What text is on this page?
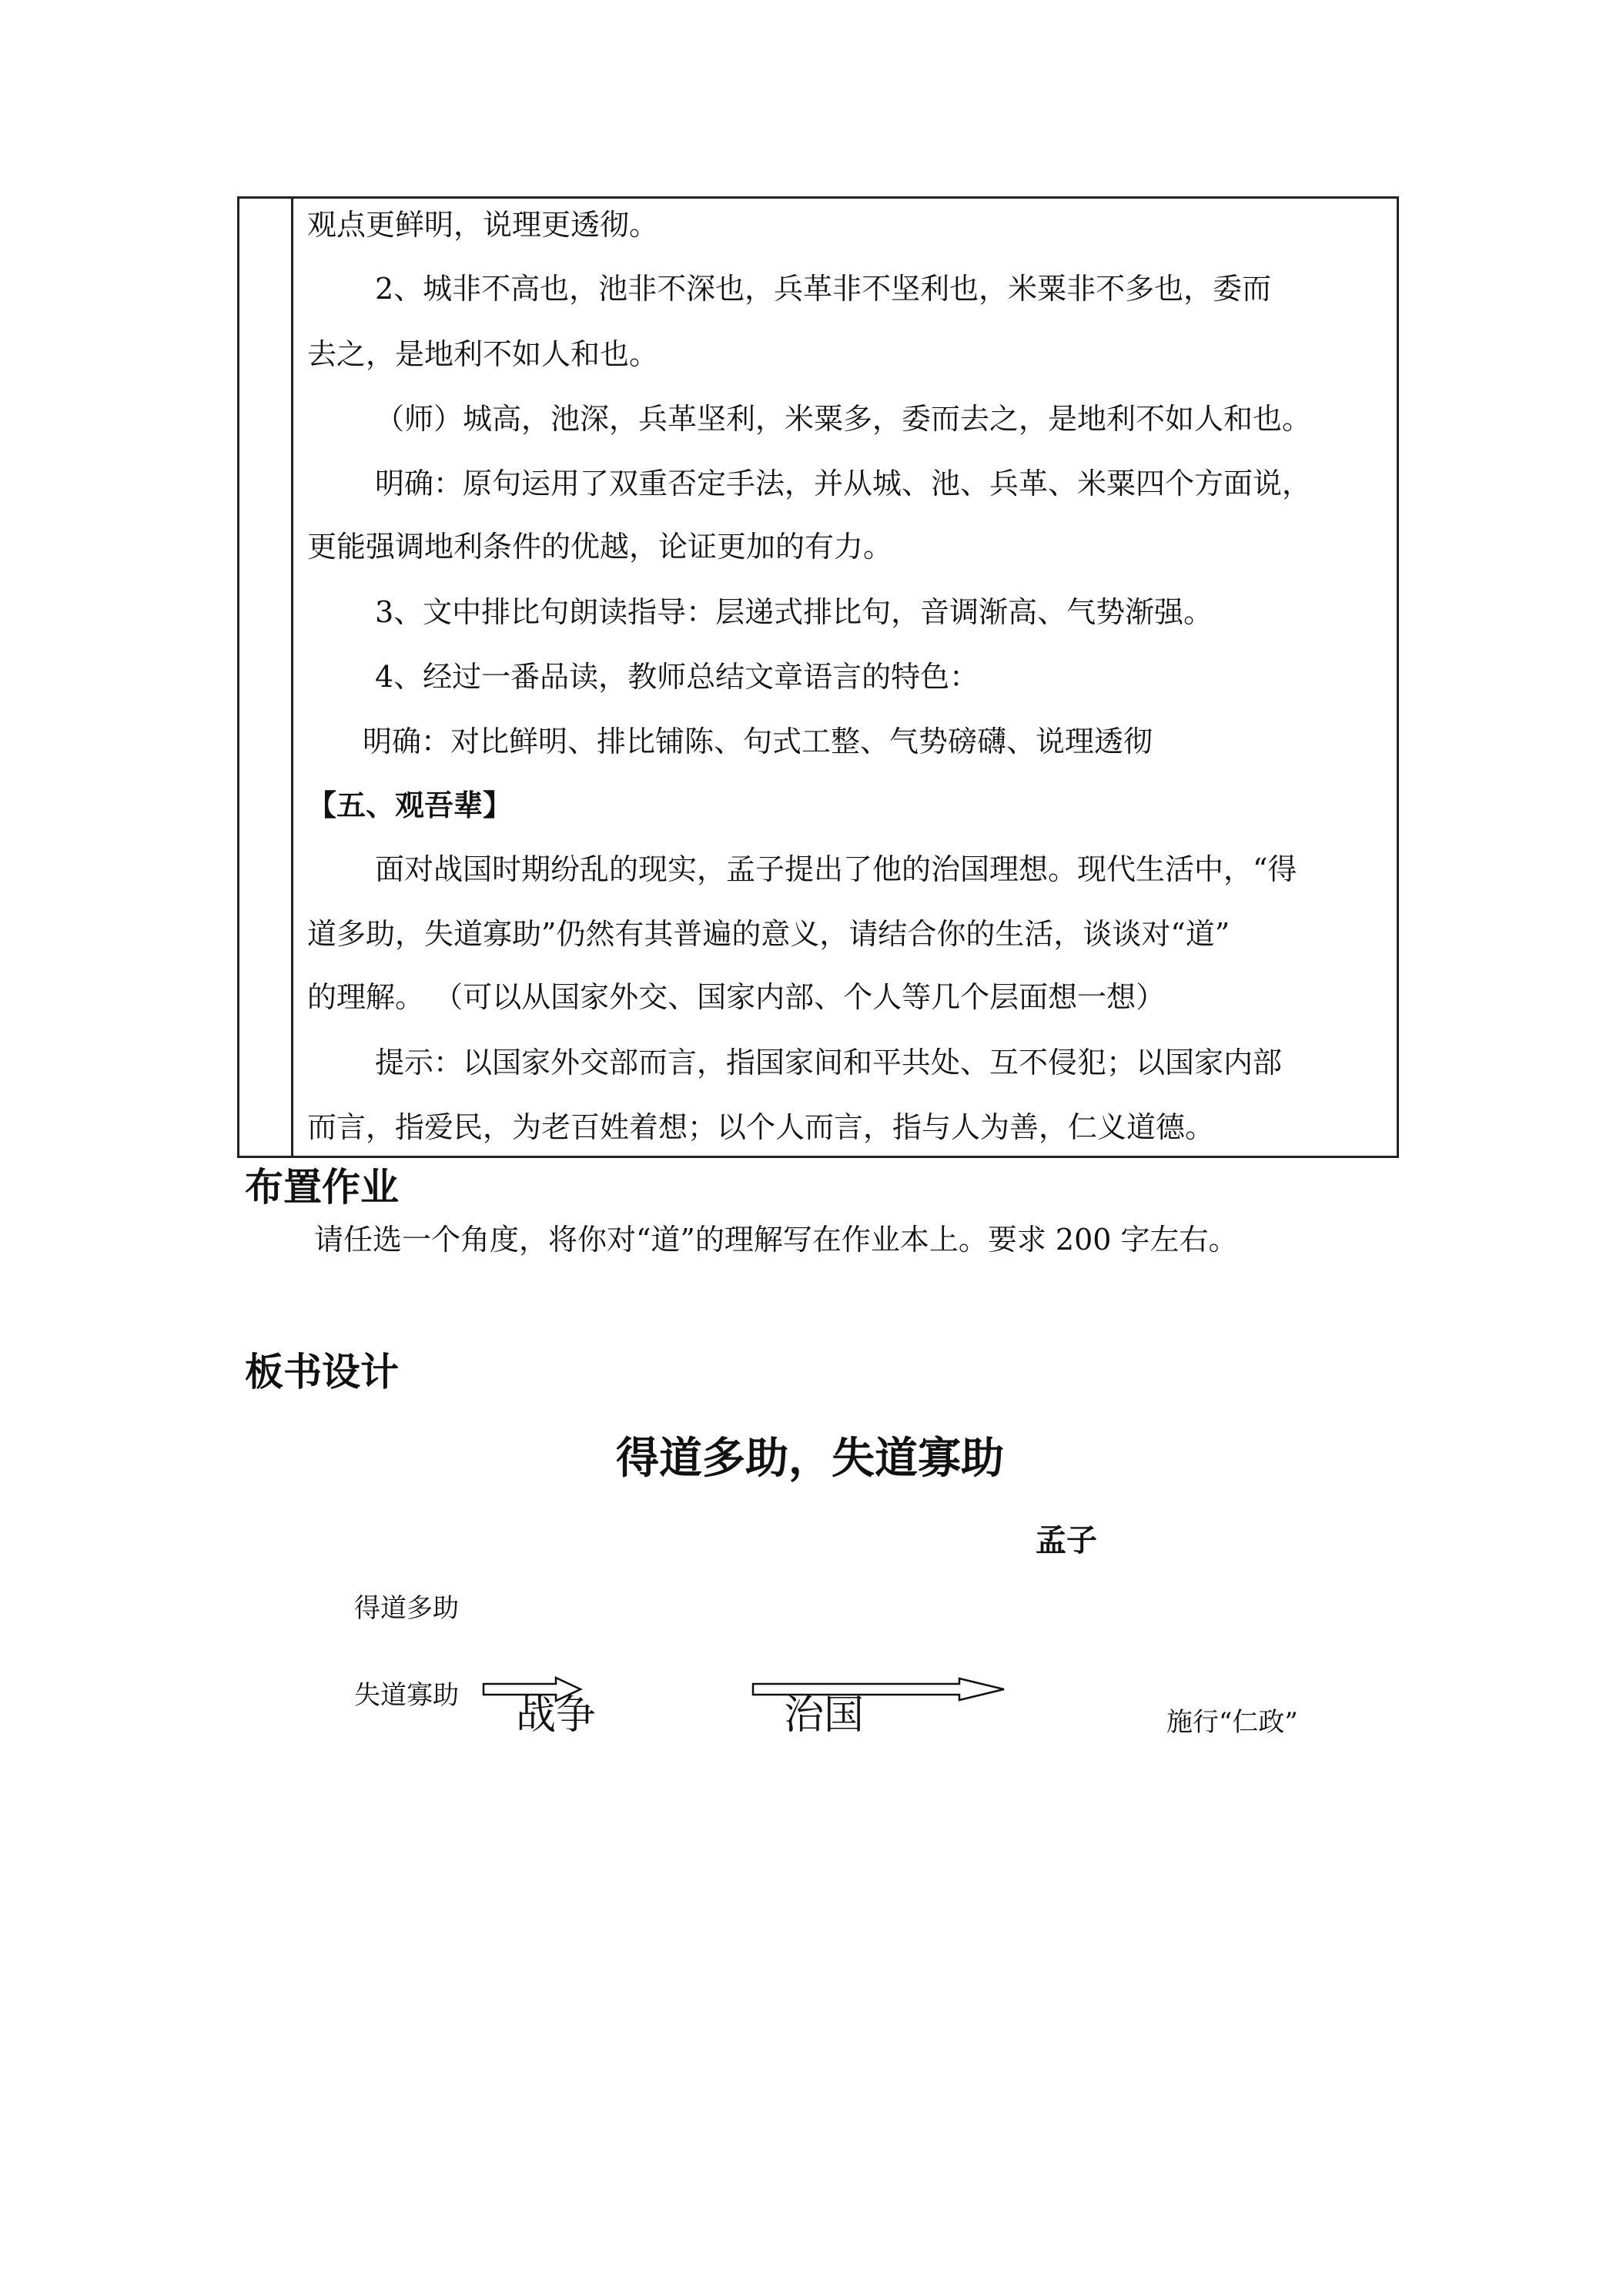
观点更鲜明，说理更透彻。
2、城非不高也，池非不深也，兵革非不坚利也，米粟非不多也，委而
去之，是地利不如人和也。
（师）城高，池深，兵革坚利，米粟多，委而去之，是地利不如人和也。
明确：原句运用了双重否定手法，并从城、池、兵革、米粟四个方面说，
更能强调地利条件的优越，论证更加的有力。
3、文中排比句朗读指导：层递式排比句，音调渐高、气势渐强。
4、经过一番品读，教师总结文章语言的特色：
明确：对比鲜明、排比铺陈、句式工整、气势磅礴、说理透彻
【五、观吾辈】
面对战国时期纷乱的现实，孟子提出了他的治国理想。现代生活中，“得
道多助，失道寡助”仍然有其普遍的意义，请结合你的生活，谈谈对“道”
的理解。 （可以从国家外交、国家内部、个人等几个层面想一想）
提示：以国家外交部而言，指国家间和平共处、互不侵犯；以国家内部
而言，指爱民，为老百姓着想；以个人而言，指与人为善，仁义道德。
布置作业
请任选一个角度，将你对“道”的理解写在作业本上。要求 200 字左右。
板书设计
得道多助，失道寡助
孟子
得道多助
失道寡助 战争	治国	施行“仁政”
